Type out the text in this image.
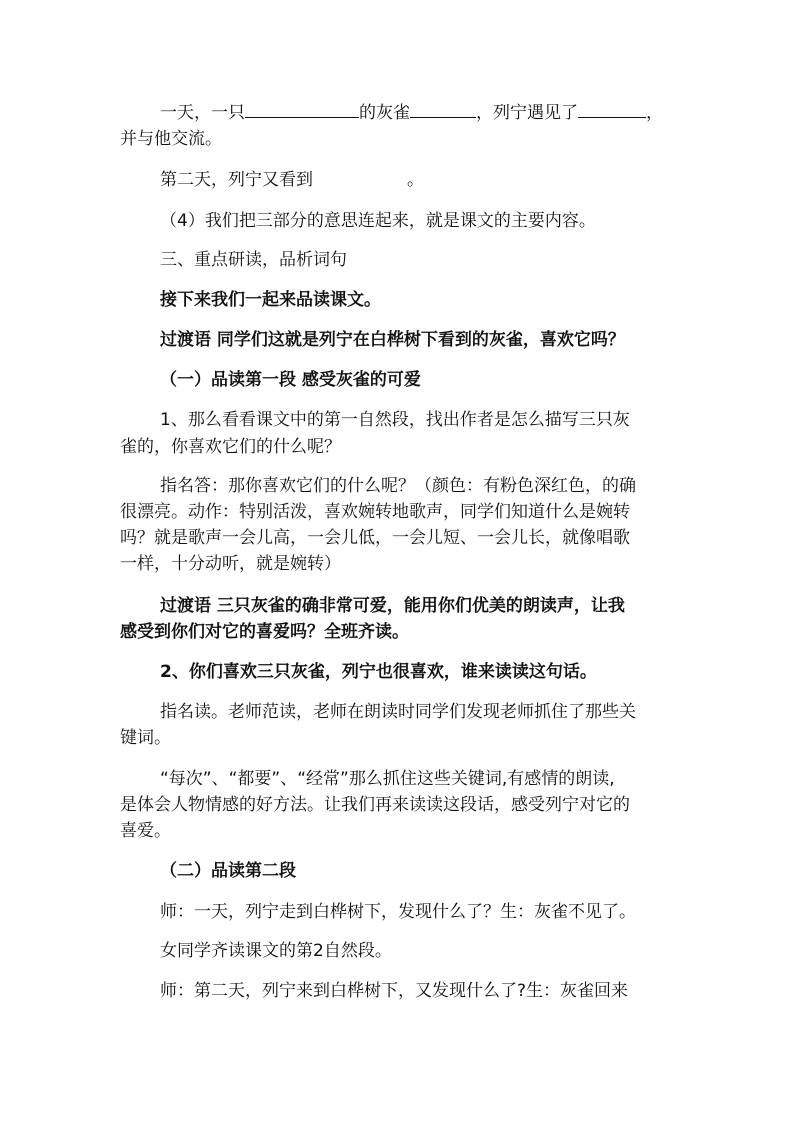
一天，一只	的灰雀	，列宁遇见了	，
并与他交流。
第二天，列宁又看到	。
（4）我们把三部分的意思连起来，就是课文的主要内容。
三、重点研读，品析词句
接下来我们一起来品读课文。
过渡语 同学们这就是列宁在白桦树下看到的灰雀，喜欢它吗？
（一）品读第一段 感受灰雀的可爱
1、那么看看课文中的第一自然段，找出作者是怎么描写三只灰
雀的，你喜欢它们的什么呢？
指名答：那你喜欢它们的什么呢？（颜色：有粉色深红色，的确
很漂亮。动作：特别活泼，喜欢婉转地歌声，同学们知道什么是婉转
吗？就是歌声一会儿高，一会儿低，一会儿短、一会儿长，就像唱歌
一样，十分动听，就是婉转）
过渡语 三只灰雀的确非常可爱，能用你们优美的朗读声，让我
感受到你们对它的喜爱吗？全班齐读。
2、你们喜欢三只灰雀，列宁也很喜欢，谁来读读这句话。
指名读。老师范读，老师在朗读时同学们发现老师抓住了那些关
键词。
“每次”、“都要”、“经常”那么抓住这些关键词,有感情的朗读,
是体会人物情感的好方法。让我们再来读读这段话，感受列宁对它的
喜爱。
（二）品读第二段
师：一天，列宁走到白桦树下，发现什么了？生：灰雀不见了。
女同学齐读课文的第2自然段。
师：第二天，列宁来到白桦树下，又发现什么了?生：灰雀回来
